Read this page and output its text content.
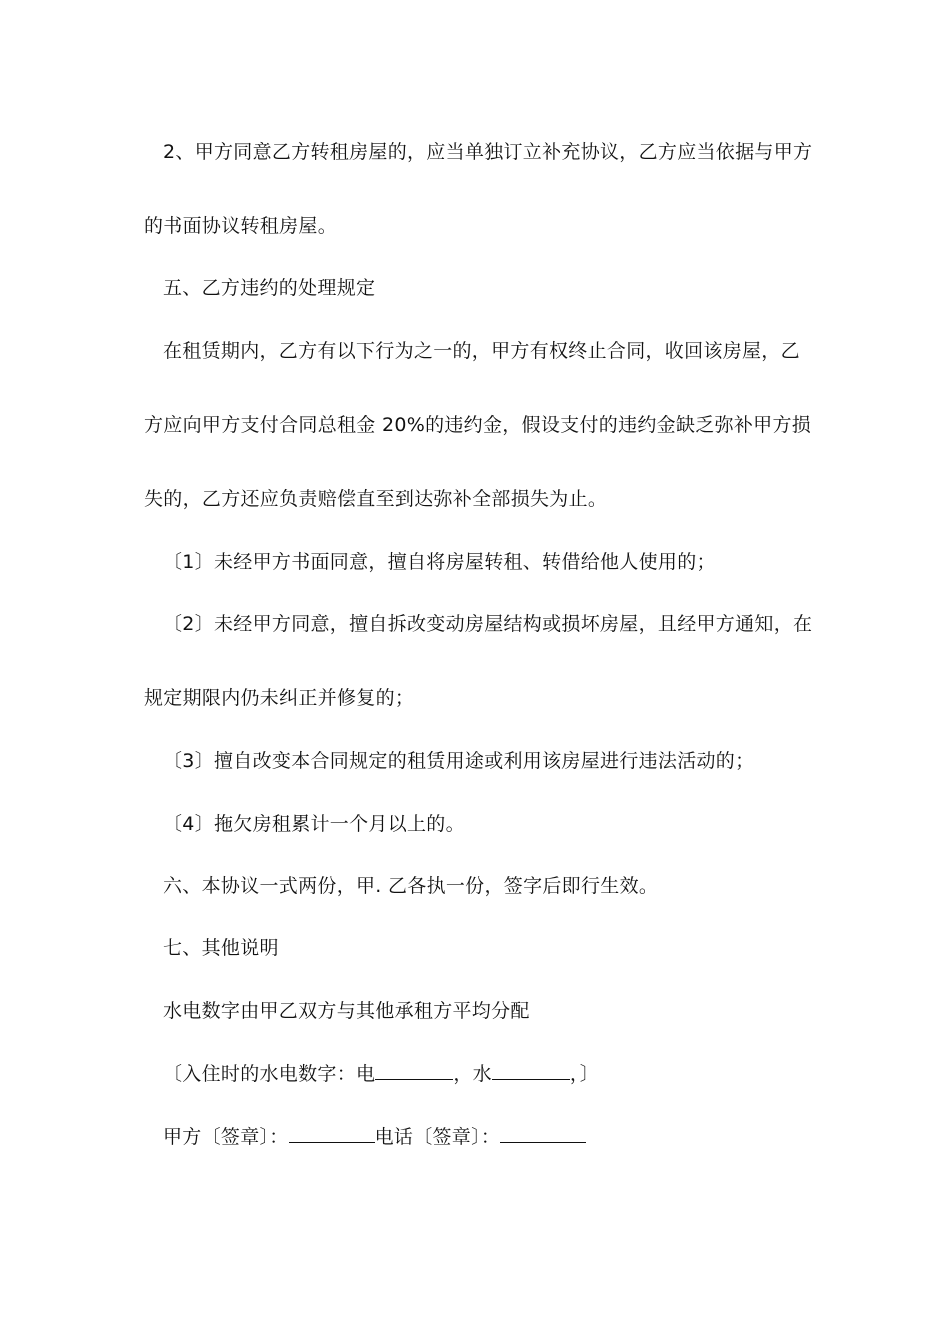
2、甲方同意乙方转租房屋的，应当单独订立补充协议，乙方应当依据与甲方
的书面协议转租房屋。
五、乙方违约的处理规定
在租赁期内，乙方有以下行为之一的，甲方有权终止合同，收回该房屋，乙
方应向甲方支付合同总租金 20%的违约金，假设支付的违约金缺乏弥补甲方损
失的，乙方还应负责赔偿直至到达弥补全部损失为止。
〔1〕未经甲方书面同意，擅自将房屋转租、转借给他人使用的；
〔2〕未经甲方同意，擅自拆改变动房屋结构或损坏房屋，且经甲方通知，在
规定期限内仍未纠正并修复的；
〔3〕擅自改变本合同规定的租赁用途或利用该房屋进行违法活动的；
〔4〕拖欠房租累计一个月以上的。
六、本协议一式两份，甲. 乙各执一份，签字后即行生效。
七、其他说明
水电数字由甲乙双方与其他承租方平均分配
〔入住时的水电数字：电	，水	，〕
甲方〔签章〕：	电话〔签章〕：
